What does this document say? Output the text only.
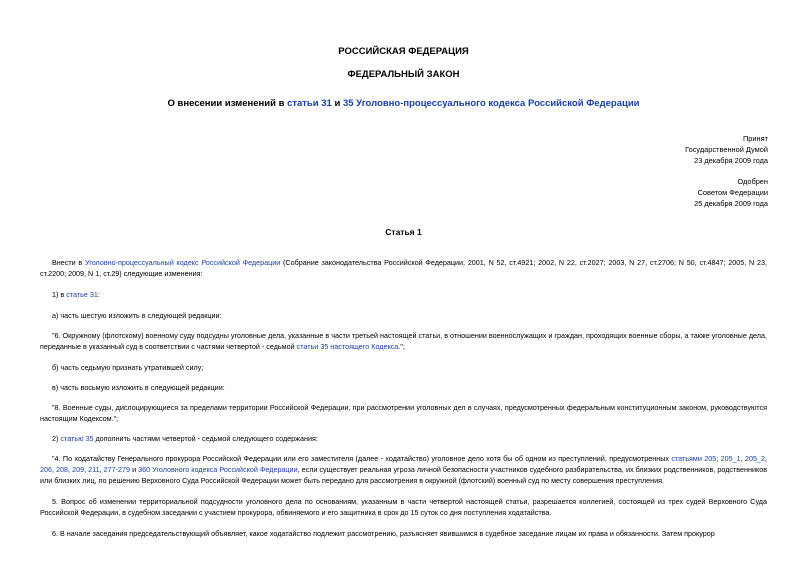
РОССИЙСКАЯ ФЕДЕРАЦИЯ
ФЕДЕРАЛЬНЫЙ ЗАКОН
О внесении изменений в статьи 31 и 35 Уголовно-процессуального кодекса Российской Федерации
Принят
Государственной Думой
23 декабря 2009 года
Одобрен
Советом Федерации
25 декабря 2009 года
Статья 1
Внести в Уголовно-процессуальный кодекс Российской Федерации (Собрание законодательства Российской Федерации, 2001, N 52, ст.4921; 2002, N 22, ст.2027; 2003, N 27, ст.2706; N 50, ст.4847; 2005, N 23, ст.2200; 2009, N 1, ст.29) следующие изменения:
1) в статье 31:
а) часть шестую изложить в следующей редакции:
"6. Окружному (флотскому) военному суду подсудны уголовные дела, указанные в части третьей настоящей статьи, в отношении военнослужащих и граждан, проходящих военные сборы, а также уголовные дела, переданные в указанный суд в соответствии с частями четвертой - седьмой статьи 35 настоящего Кодекса.";
б) часть седьмую признать утратившей силу;
в) часть восьмую изложить в следующей редакции:
"8. Военные суды, дислоцирующиеся за пределами территории Российской Федерации, при рассмотрении уголовных дел в случаях, предусмотренных федеральным конституционным законом, руководствуются настоящим Кодексом.";
2) статью 35 дополнить частями четвертой - седьмой следующего содержания:
"4. По ходатайству Генерального прокурора Российской Федерации или его заместителя (далее - ходатайство) уголовное дело хотя бы об одном из преступлений, предусмотренных статьями 205; 205_1, 205_2, 206, 208, 209, 211, 277-279 и 360 Уголовного кодекса Российской Федерации, если существует реальная угроза личной безопасности участников судебного разбирательства, их близких родственников, родственников или близких лиц, по решению Верховного Суда Российской Федерации может быть передано для рассмотрения в окружной (флотский) военный суд по месту совершения преступления.
5. Вопрос об изменении территориальной подсудности уголовного дела по основаниям, указанным в части четвертой настоящей статьи, разрешается коллегией, состоящей из трех судей Верховного Суда Российской Федерации, в судебном заседании с участием прокурора, обвиняемого и его защитника в срок до 15 суток со дня поступления ходатайства.
6. В начале заседания председательствующий объявляет, какое ходатайство подлежит рассмотрению, разъясняет явившимся в судебное заседание лицам их права и обязанности. Затем прокурор
